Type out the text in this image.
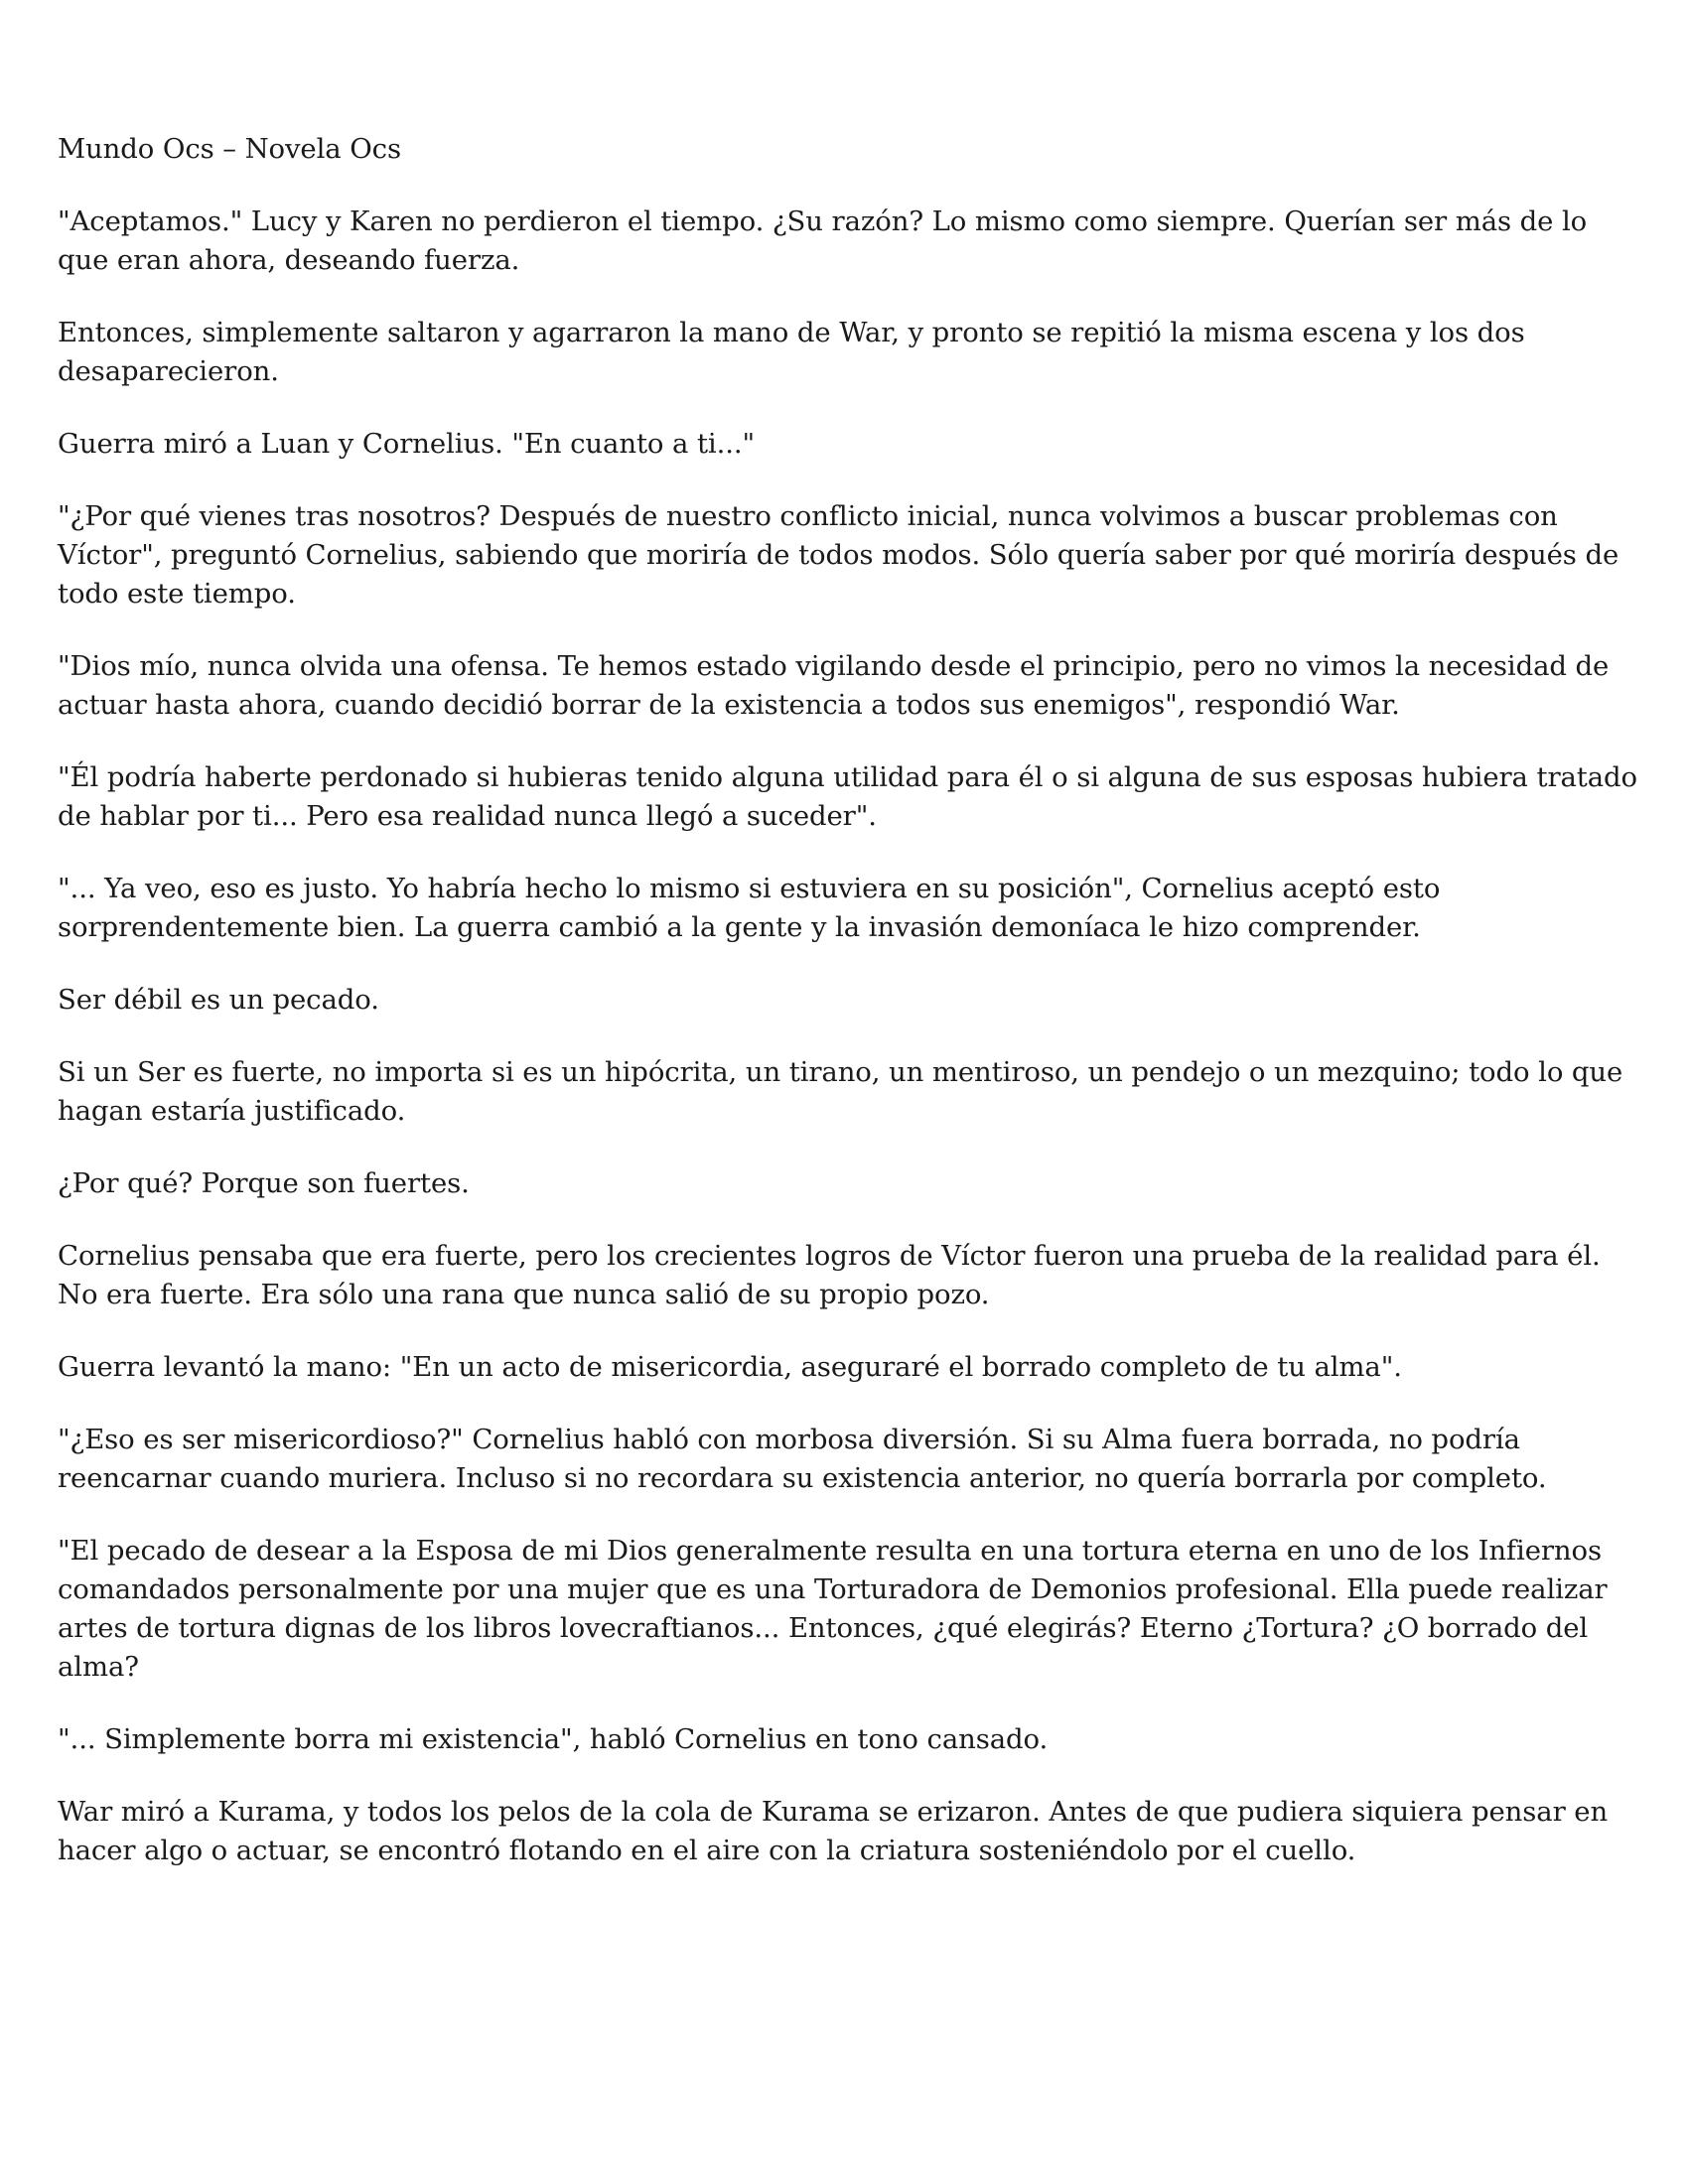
Mundo Ocs – Novela Ocs

"Aceptamos." Lucy y Karen no perdieron el tiempo. ¿Su razón? Lo mismo como siempre. Querían ser más de lo que eran ahora, deseando fuerza.

Entonces, simplemente saltaron y agarraron la mano de War, y pronto se repitió la misma escena y los dos desaparecieron.

Guerra miró a Luan y Cornelius. "En cuanto a ti..."

"¿Por qué vienes tras nosotros? Después de nuestro conflicto inicial, nunca volvimos a buscar problemas con Víctor", preguntó Cornelius, sabiendo que moriría de todos modos. Sólo quería saber por qué moriría después de todo este tiempo.

"Dios mío, nunca olvida una ofensa. Te hemos estado vigilando desde el principio, pero no vimos la necesidad de actuar hasta ahora, cuando decidió borrar de la existencia a todos sus enemigos", respondió War.

"Él podría haberte perdonado si hubieras tenido alguna utilidad para él o si alguna de sus esposas hubiera tratado de hablar por ti... Pero esa realidad nunca llegó a suceder".

"... Ya veo, eso es justo. Yo habría hecho lo mismo si estuviera en su posición", Cornelius aceptó esto sorprendentemente bien. La guerra cambió a la gente y la invasión demoníaca le hizo comprender.

Ser débil es un pecado.

Si un Ser es fuerte, no importa si es un hipócrita, un tirano, un mentiroso, un pendejo o un mezquino; todo lo que hagan estaría justificado.

¿Por qué? Porque son fuertes.

Cornelius pensaba que era fuerte, pero los crecientes logros de Víctor fueron una prueba de la realidad para él. No era fuerte. Era sólo una rana que nunca salió de su propio pozo.

Guerra levantó la mano: "En un acto de misericordia, aseguraré el borrado completo de tu alma".

"¿Eso es ser misericordioso?" Cornelius habló con morbosa diversión. Si su Alma fuera borrada, no podría reencarnar cuando muriera. Incluso si no recordara su existencia anterior, no quería borrarla por completo.

"El pecado de desear a la Esposa de mi Dios generalmente resulta en una tortura eterna en uno de los Infiernos comandados personalmente por una mujer que es una Torturadora de Demonios profesional. Ella puede realizar artes de tortura dignas de los libros lovecraftianos... Entonces, ¿qué elegirás? Eterno ¿Tortura? ¿O borrado del alma?

"... Simplemente borra mi existencia", habló Cornelius en tono cansado.

War miró a Kurama, y todos los pelos de la cola de Kurama se erizaron. Antes de que pudiera siquiera pensar en hacer algo o actuar, se encontró flotando en el aire con la criatura sosteniéndolo por el cuello.
